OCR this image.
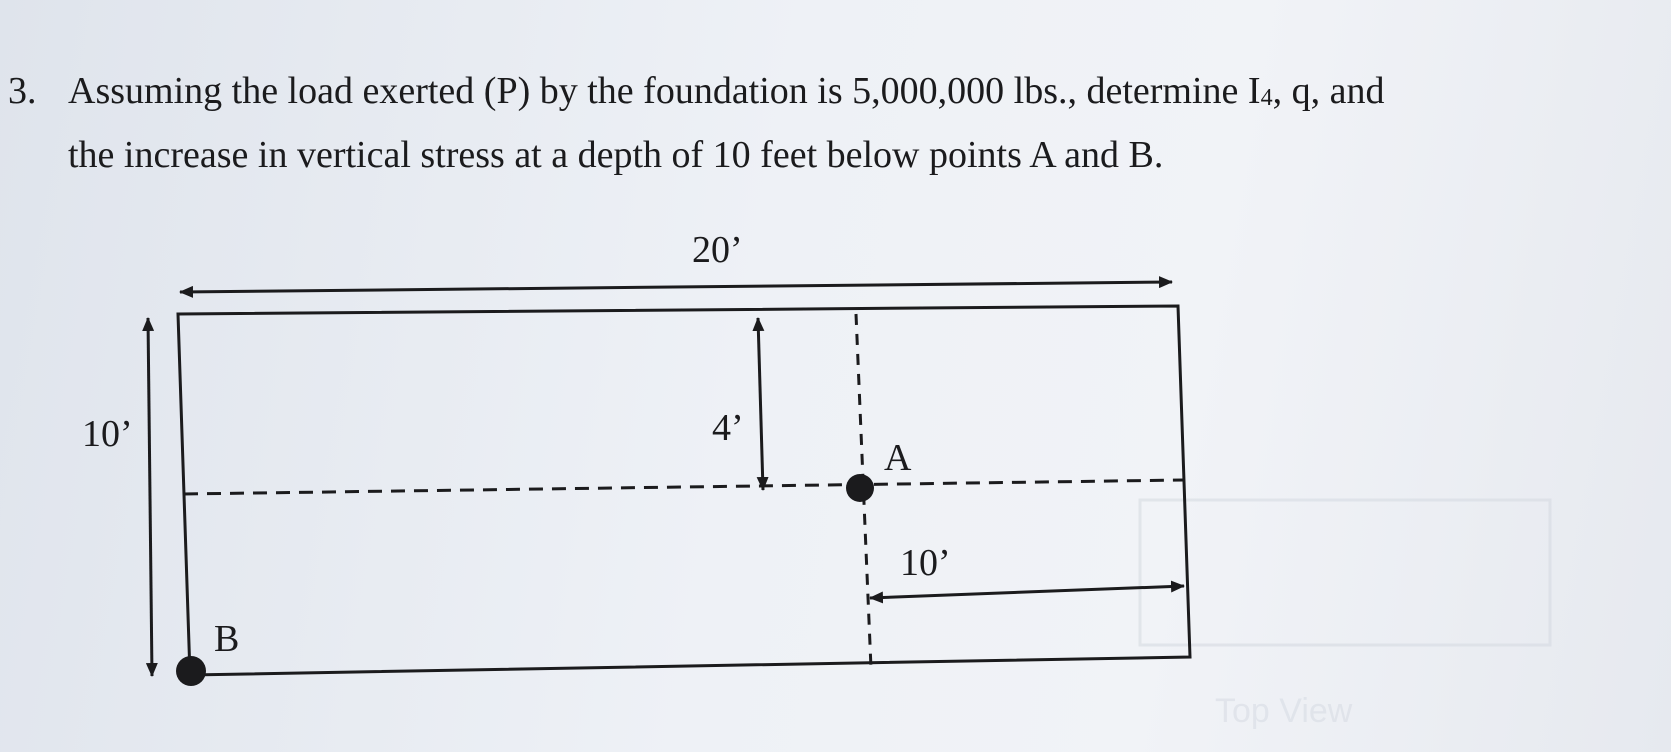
3. Assuming the load exerted (P) by the foundation is 5,000,000 lbs., determine $I_4$, q, and
the increase in vertical stress at a depth of 10 feet below points A and B.
Top View
20’
10’	4’
10’
A
B
